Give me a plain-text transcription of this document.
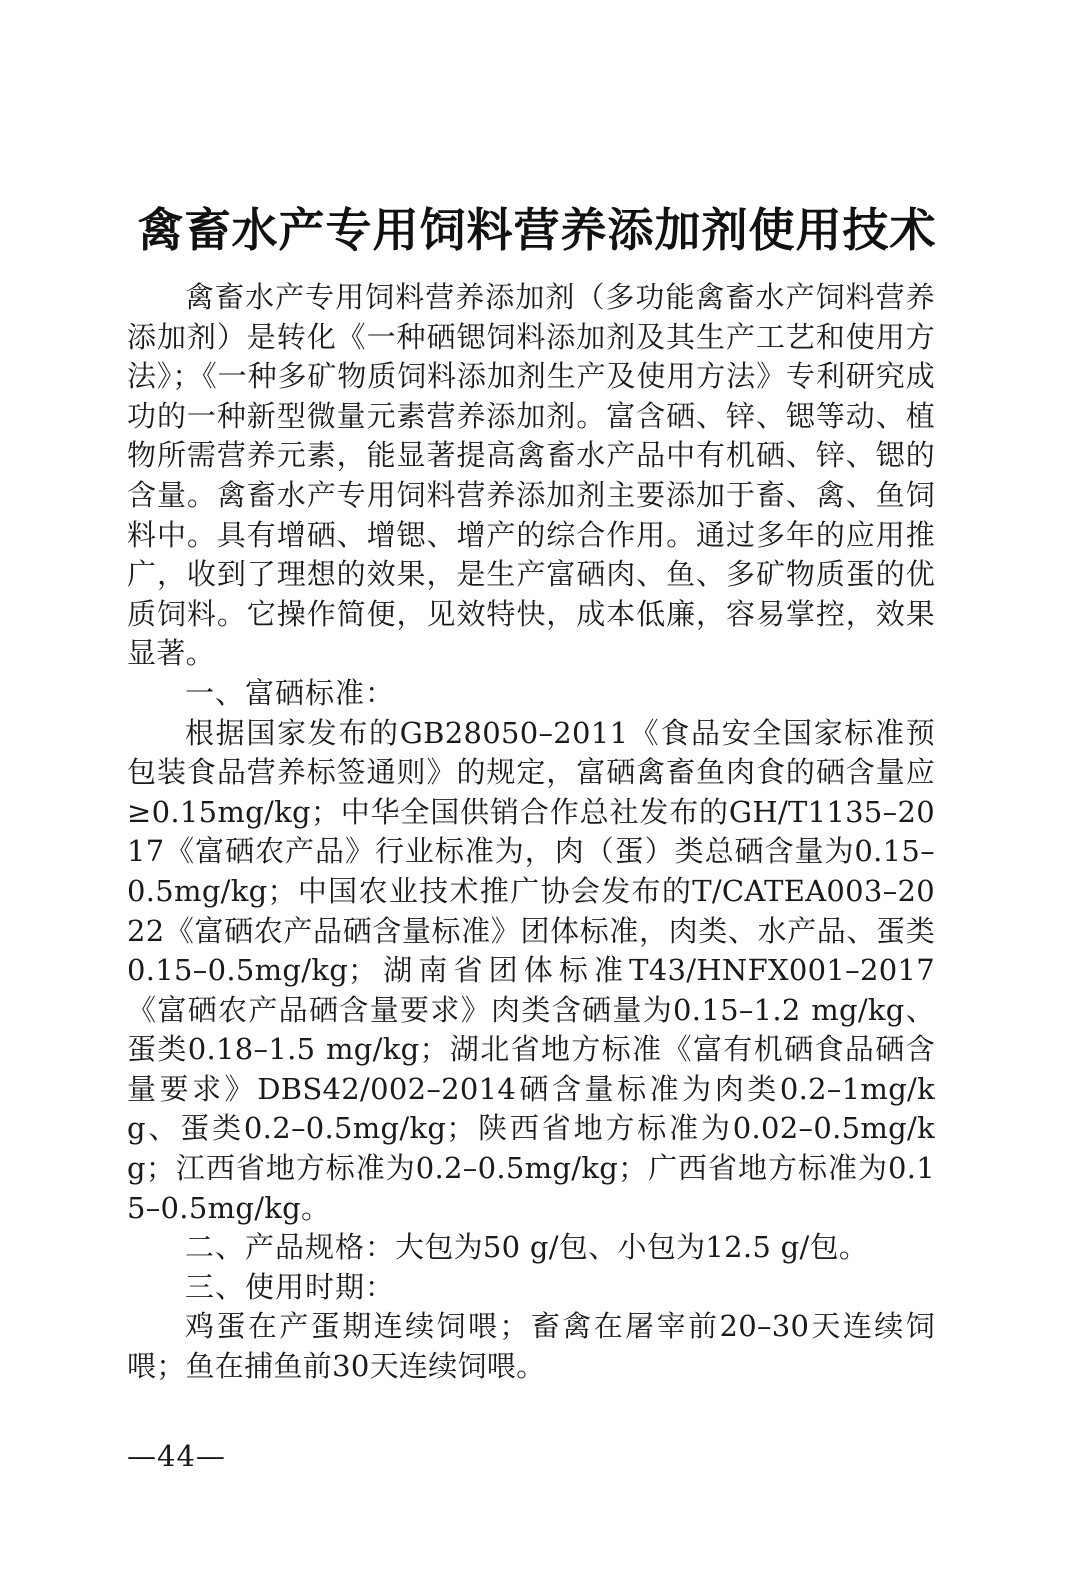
禽畜水产专用饲料营养添加剂使用技术

禽畜水产专用饲料营养添加剂（多功能禽畜水产饲料营养添加剂）是转化《一种硒锶饲料添加剂及其生产工艺和使用方法》；《一种多矿物质饲料添加剂生产及使用方法》专利研究成功的一种新型微量元素营养添加剂。富含硒、锌、锶等动、植物所需营养元素，能显著提高禽畜水产品中有机硒、锌、锶的含量。禽畜水产专用饲料营养添加剂主要添加于畜、禽、鱼饲料中。具有增硒、增锶、增产的综合作用。通过多年的应用推广，收到了理想的效果，是生产富硒肉、鱼、多矿物质蛋的优质饲料。它操作简便，见效特快，成本低廉，容易掌控，效果显著。

一、富硒标准：

根据国家发布的GB28050–2011《食品安全国家标准预包装食品营养标签通则》的规定，富硒禽畜鱼肉食的硒含量应≥0.15mg/kg；中华全国供销合作总社发布的GH/T1135–2017《富硒农产品》行业标准为，肉（蛋）类总硒含量为0.15–0.5mg/kg；中国农业技术推广协会发布的T/CATEA003–2022《富硒农产品硒含量标准》团体标准，肉类、水产品、蛋类0.15–0.5mg/kg；湖南省团体标准T43/HNFX001–2017《富硒农产品硒含量要求》肉类含硒量为0.15–1.2 mg/kg、蛋类0.18–1.5 mg/kg；湖北省地方标准《富有机硒食品硒含量要求》DBS42/002–2014硒含量标准为肉类0.2–1mg/kg、蛋类0.2–0.5mg/kg；陕西省地方标准为0.02–0.5mg/kg；江西省地方标准为0.2–0.5mg/kg；广西省地方标准为0.15–0.5mg/kg。

二、产品规格：大包为50 g/包、小包为12.5 g/包。

三、使用时期：

鸡蛋在产蛋期连续饲喂；畜禽在屠宰前20–30天连续饲喂；鱼在捕鱼前30天连续饲喂。

—44—
